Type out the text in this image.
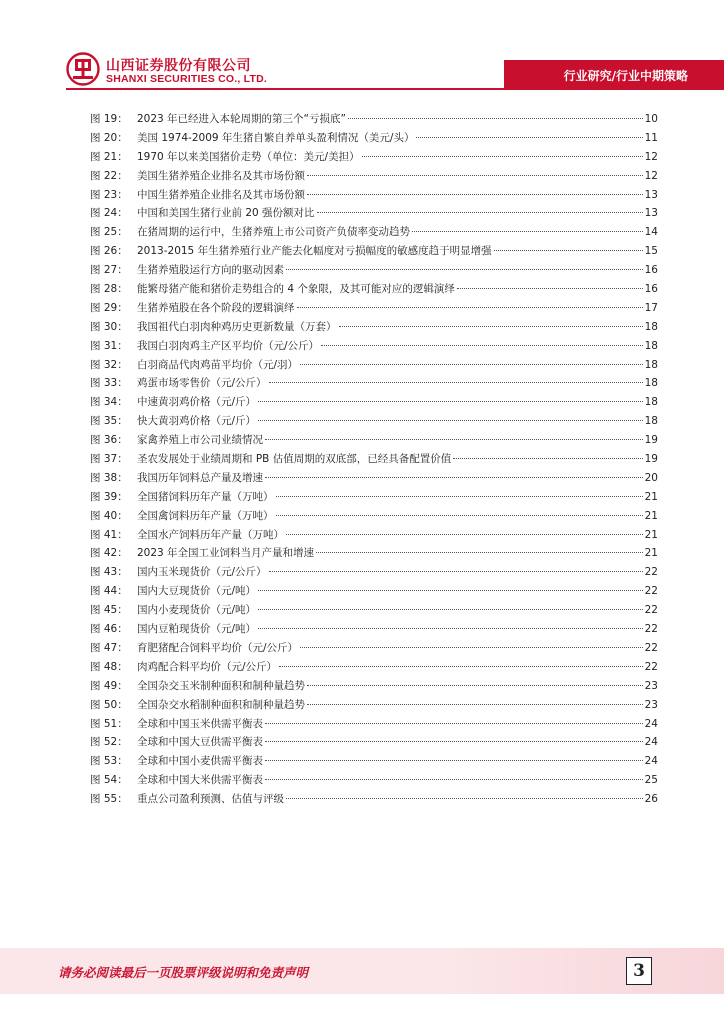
山西证券股份有限公司
SHANXI SECURITIES CO., LTD.	行业研究/行业中期策略
图 19： 2023 年已经进入本轮周期的第三个“亏损底”	10
图 20： 美国 1974-2009 年生猪自繁自养单头盈利情况（美元/头）	11
图 21： 1970 年以来美国猪价走势（单位：美元/美担）	12
图 22： 美国生猪养殖企业排名及其市场份额	12
图 23： 中国生猪养殖企业排名及其市场份额	13
图 24： 中国和美国生猪行业前 20 强份额对比	13
图 25： 在猪周期的运行中，生猪养殖上市公司资产负债率变动趋势	14
图 26： 2013-2015 年生猪养殖行业产能去化幅度对亏损幅度的敏感度趋于明显增强	15
图 27： 生猪养殖股运行方向的驱动因素	16
图 28： 能繁母猪产能和猪价走势组合的 4 个象限，及其可能对应的逻辑演绎	16
图 29： 生猪养殖股在各个阶段的逻辑演绎	17
图 30： 我国祖代白羽肉种鸡历史更新数量（万套）	18
图 31： 我国白羽肉鸡主产区平均价（元/公斤）	18
图 32： 白羽商品代肉鸡苗平均价（元/羽）	18
图 33： 鸡蛋市场零售价（元/公斤）	18
图 34： 中速黄羽鸡价格（元/斤）	18
图 35： 快大黄羽鸡价格（元/斤）	18
图 36： 家禽养殖上市公司业绩情况	19
图 37： 圣农发展处于业绩周期和 PB 估值周期的双底部，已经具备配置价值	19
图 38： 我国历年饲料总产量及增速	20
图 39： 全国猪饲料历年产量（万吨）	21
图 40： 全国禽饲料历年产量（万吨）	21
图 41： 全国水产饲料历年产量（万吨）	21
图 42： 2023 年全国工业饲料当月产量和增速	21
图 43： 国内玉米现货价（元/公斤）	22
图 44： 国内大豆现货价（元/吨）	22
图 45： 国内小麦现货价（元/吨）	22
图 46： 国内豆粕现货价（元/吨）	22
图 47： 育肥猪配合饲料平均价（元/公斤）	22
图 48： 肉鸡配合料平均价（元/公斤）	22
图 49： 全国杂交玉米制种面积和制种量趋势	23
图 50： 全国杂交水稻制种面积和制种量趋势	23
图 51： 全球和中国玉米供需平衡表	24
图 52： 全球和中国大豆供需平衡表	24
图 53： 全球和中国小麦供需平衡表	24
图 54： 全球和中国大米供需平衡表	25
图 55： 重点公司盈利预测、估值与评级	26
请务必阅读最后一页股票评级说明和免责声明	3
